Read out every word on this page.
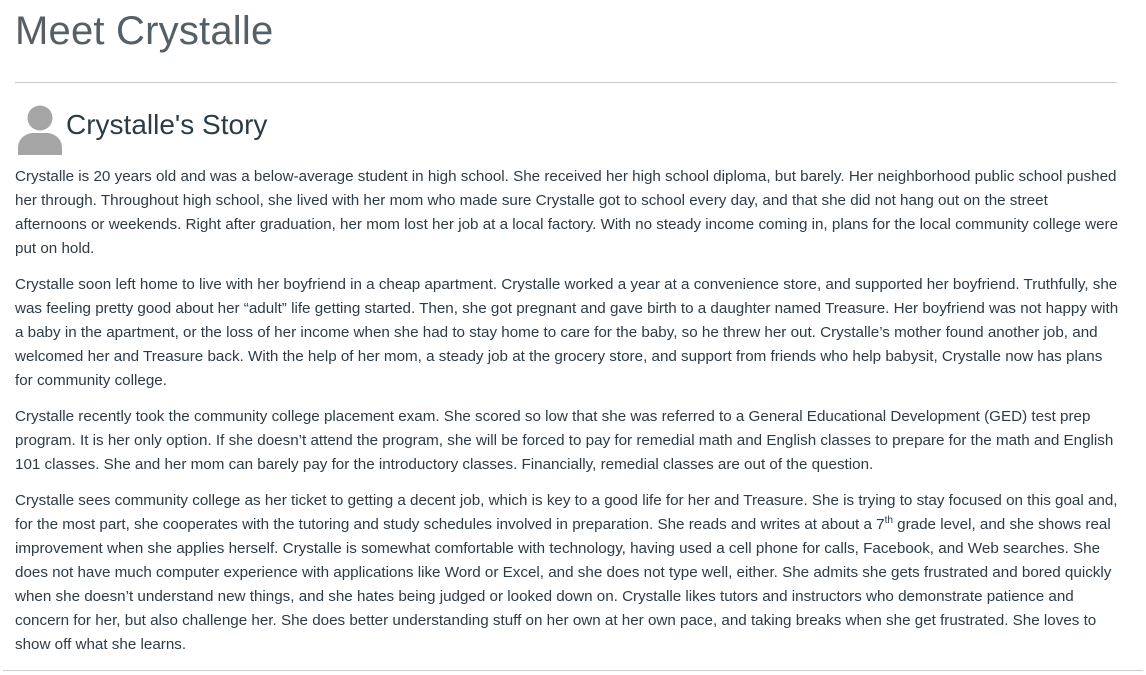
Meet Crystalle
Crystalle's Story

Crystalle is 20 years old and was a below-average student in high school. She received her high school diploma, but barely. Her neighborhood public school pushed her through. Throughout high school, she lived with her mom who made sure Crystalle got to school every day, and that she did not hang out on the street afternoons or weekends. Right after graduation, her mom lost her job at a local factory. With no steady income coming in, plans for the local community college were put on hold.

Crystalle soon left home to live with her boyfriend in a cheap apartment. Crystalle worked a year at a convenience store, and supported her boyfriend. Truthfully, she was feeling pretty good about her “adult” life getting started. Then, she got pregnant and gave birth to a daughter named Treasure. Her boyfriend was not happy with a baby in the apartment, or the loss of her income when she had to stay home to care for the baby, so he threw her out. Crystalle’s mother found another job, and welcomed her and Treasure back. With the help of her mom, a steady job at the grocery store, and support from friends who help babysit, Crystalle now has plans for community college.

Crystalle recently took the community college placement exam. She scored so low that she was referred to a General Educational Development (GED) test prep program. It is her only option. If she doesn’t attend the program, she will be forced to pay for remedial math and English classes to prepare for the math and English 101 classes. She and her mom can barely pay for the introductory classes. Financially, remedial classes are out of the question.

Crystalle sees community college as her ticket to getting a decent job, which is key to a good life for her and Treasure. She is trying to stay focused on this goal and, for the most part, she cooperates with the tutoring and study schedules involved in preparation. She reads and writes at about a 7th grade level, and she shows real improvement when she applies herself. Crystalle is somewhat comfortable with technology, having used a cell phone for calls, Facebook, and Web searches. She does not have much computer experience with applications like Word or Excel, and she does not type well, either. She admits she gets frustrated and bored quickly when she doesn’t understand new things, and she hates being judged or looked down on. Crystalle likes tutors and instructors who demonstrate patience and concern for her, but also challenge her. She does better understanding stuff on her own at her own pace, and taking breaks when she get frustrated. She loves to show off what she learns.
